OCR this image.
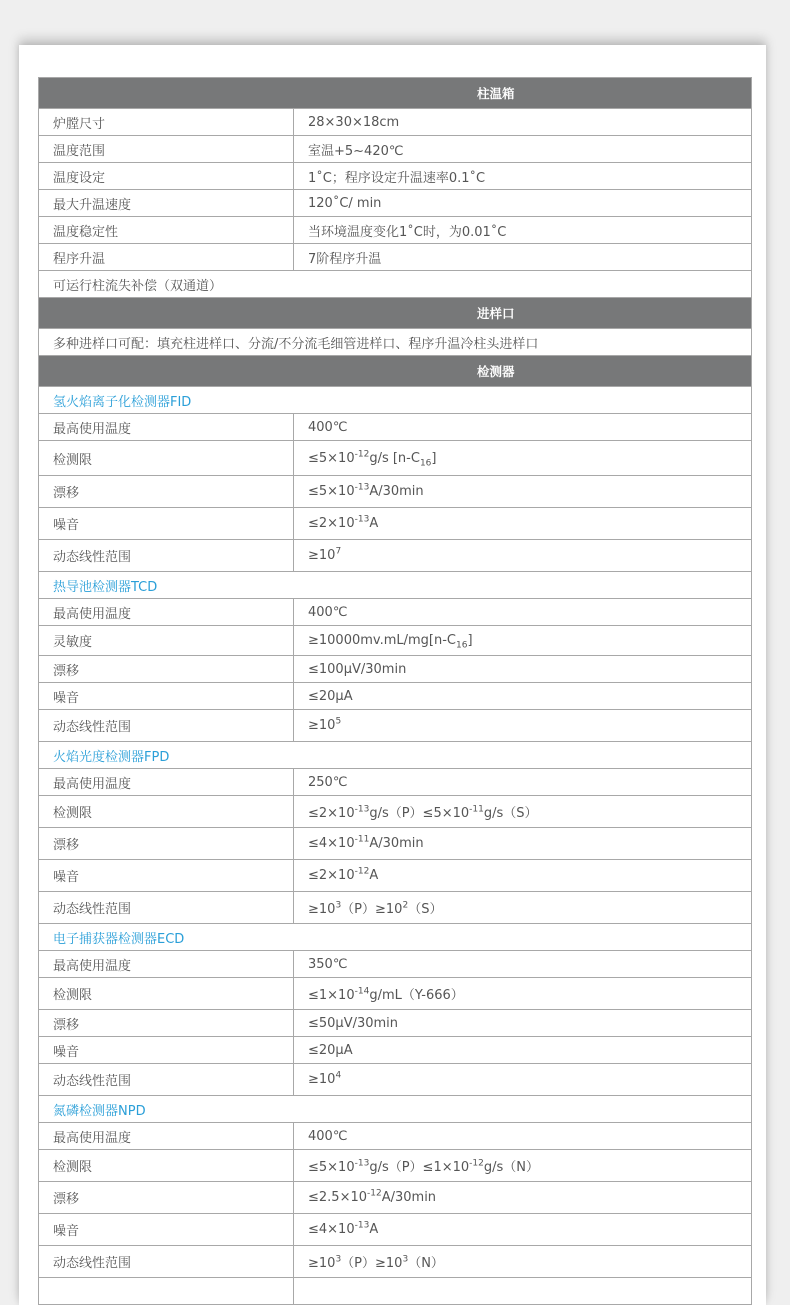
柱温箱	
炉膛尺寸	28×30×18cm
温度范围	室温+5~420℃
温度设定	1˚C；程序设定升温速率0.1˚C
最大升温速度	120˚C/ min
温度稳定性	当环境温度变化1˚C时，为0.01˚C
程序升温	7阶程序升温
可运行柱流失补偿（双通道）	
进样口	
多种进样口可配：填充柱进样口、分流/不分流毛细管进样口、程序升温冷柱头进样口	
检测器	
氢火焰离子化检测器FID	
最高使用温度	400℃
检测限	$\le 5\times 10^{-12}g/s$ $[n-C_{16}]$
漂移	$\le 5\times 10^{-13}A/30\min$
噪音	$\le 2\times 10^{-13}A$
动态线性范围	$\ge 10^7$
热导池检测器TCD	
最高使用温度	400℃
灵敏度	$\ge 10000mv.mL/mg[n-C_{16}]$
漂移	≤100μV/30min
噪音	≤20μA
动态线性范围	$\ge 10^5$
火焰光度检测器FPD	
最高使用温度	250℃
检测限	$\le 2\times 10^{-13}g/s(P)\le 5\times 10^{-11}g/s(S)$
漂移	$\le 4\times 10^{-11}A/30\min$
噪音	$\le 2\times 10^{-12}A$
动态线性范围	$\ge 10^3(P)\ge 10^2(S)$
电子捕获器检测器ECD	
最高使用温度	350℃
检测限	$\le 1\times 10^{-14}g/mL(Y-666)$
漂移	≤50μV/30min
噪音	≤20μA
动态线性范围	$\ge 10^4$
氮磷检测器NPD	
最高使用温度	400℃
检测限	$\le 5\times 10^{-13}g/s(P)\le 1\times 10^{-12}g/s(N)$
漂移	$\le 2.5\times 10^{-12}A/30\min$
噪音	$\le 4\times 10^{-13}A$
动态线性范围	$\ge 10^3(P)\ge 10^3(N)$
